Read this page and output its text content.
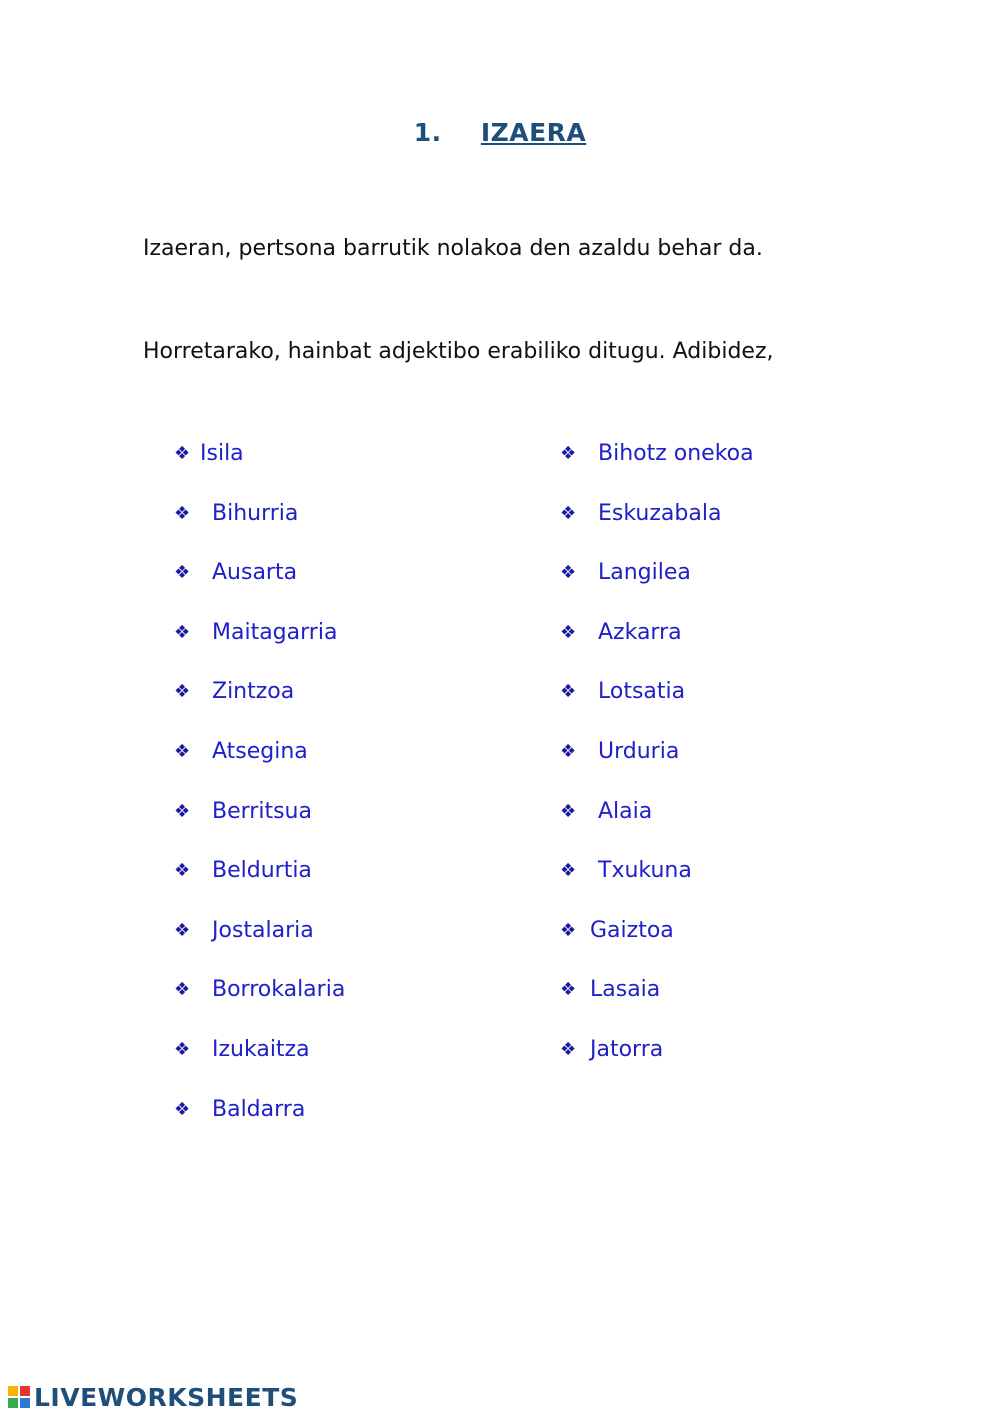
1. IZAERA
Izaeran, pertsona barrutik nolakoa den azaldu behar da.
Horretarako, hainbat adjektibo erabiliko ditugu. Adibidez,
❖ Isila
❖ Bihurria
❖ Ausarta
❖ Maitagarria
❖ Zintzoa
❖ Atsegina
❖ Berritsua
❖ Beldurtia
❖ Jostalaria
❖ Borrokalaria
❖ Izukaitza
❖ Baldarra
❖ Bihotz onekoa
❖ Eskuzabala
❖ Langilea
❖ Azkarra
❖ Lotsatia
❖ Urduria
❖ Alaia
❖ Txukuna
❖ Gaiztoa
❖ Lasaia
❖ Jatorra
LIVEWORKSHEETS
